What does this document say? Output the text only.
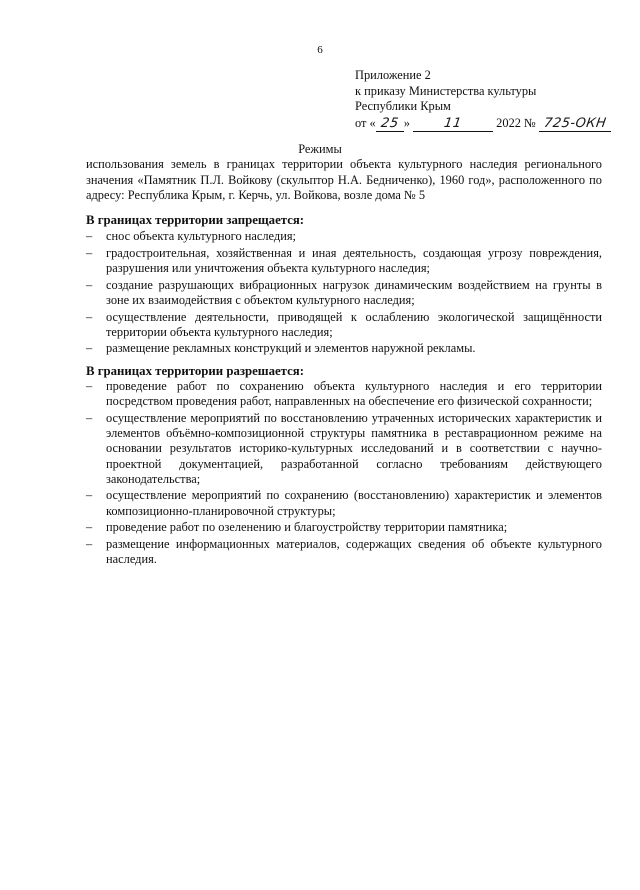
6
Приложение 2
к приказу Министерства культуры
Республики Крым
от « 25 »	11	2022 № 725-ОКН
Режимы
использования земель в границах территории объекта культурного наследия регионального значения «Памятник П.Л. Войкову (скульптор Н.А. Бедниченко), 1960 год», расположенного по адресу: Республика Крым, г. Керчь, ул. Войкова, возле дома № 5
В границах территории запрещается:
– снос объекта культурного наследия;
– градостроительная, хозяйственная и иная деятельность, создающая угрозу повреждения, разрушения или уничтожения объекта культурного наследия;
– создание разрушающих вибрационных нагрузок динамическим воздействием на грунты в зоне их взаимодействия с объектом культурного наследия;
– осуществление деятельности, приводящей к ослаблению экологической защищённости территории объекта культурного наследия;
– размещение рекламных конструкций и элементов наружной рекламы.
В границах территории разрешается:
– проведение работ по сохранению объекта культурного наследия и его территории посредством проведения работ, направленных на обеспечение его физической сохранности;
– осуществление мероприятий по восстановлению утраченных исторических характеристик и элементов объёмно-композиционной структуры памятника в реставрационном режиме на основании результатов историко-культурных исследований и в соответствии с научно-проектной документацией, разработанной согласно требованиям действующего законодательства;
– осуществление мероприятий по сохранению (восстановлению) характеристик и элементов композиционно-планировочной структуры;
– проведение работ по озеленению и благоустройству территории памятника;
– размещение информационных материалов, содержащих сведения об объекте культурного наследия.
